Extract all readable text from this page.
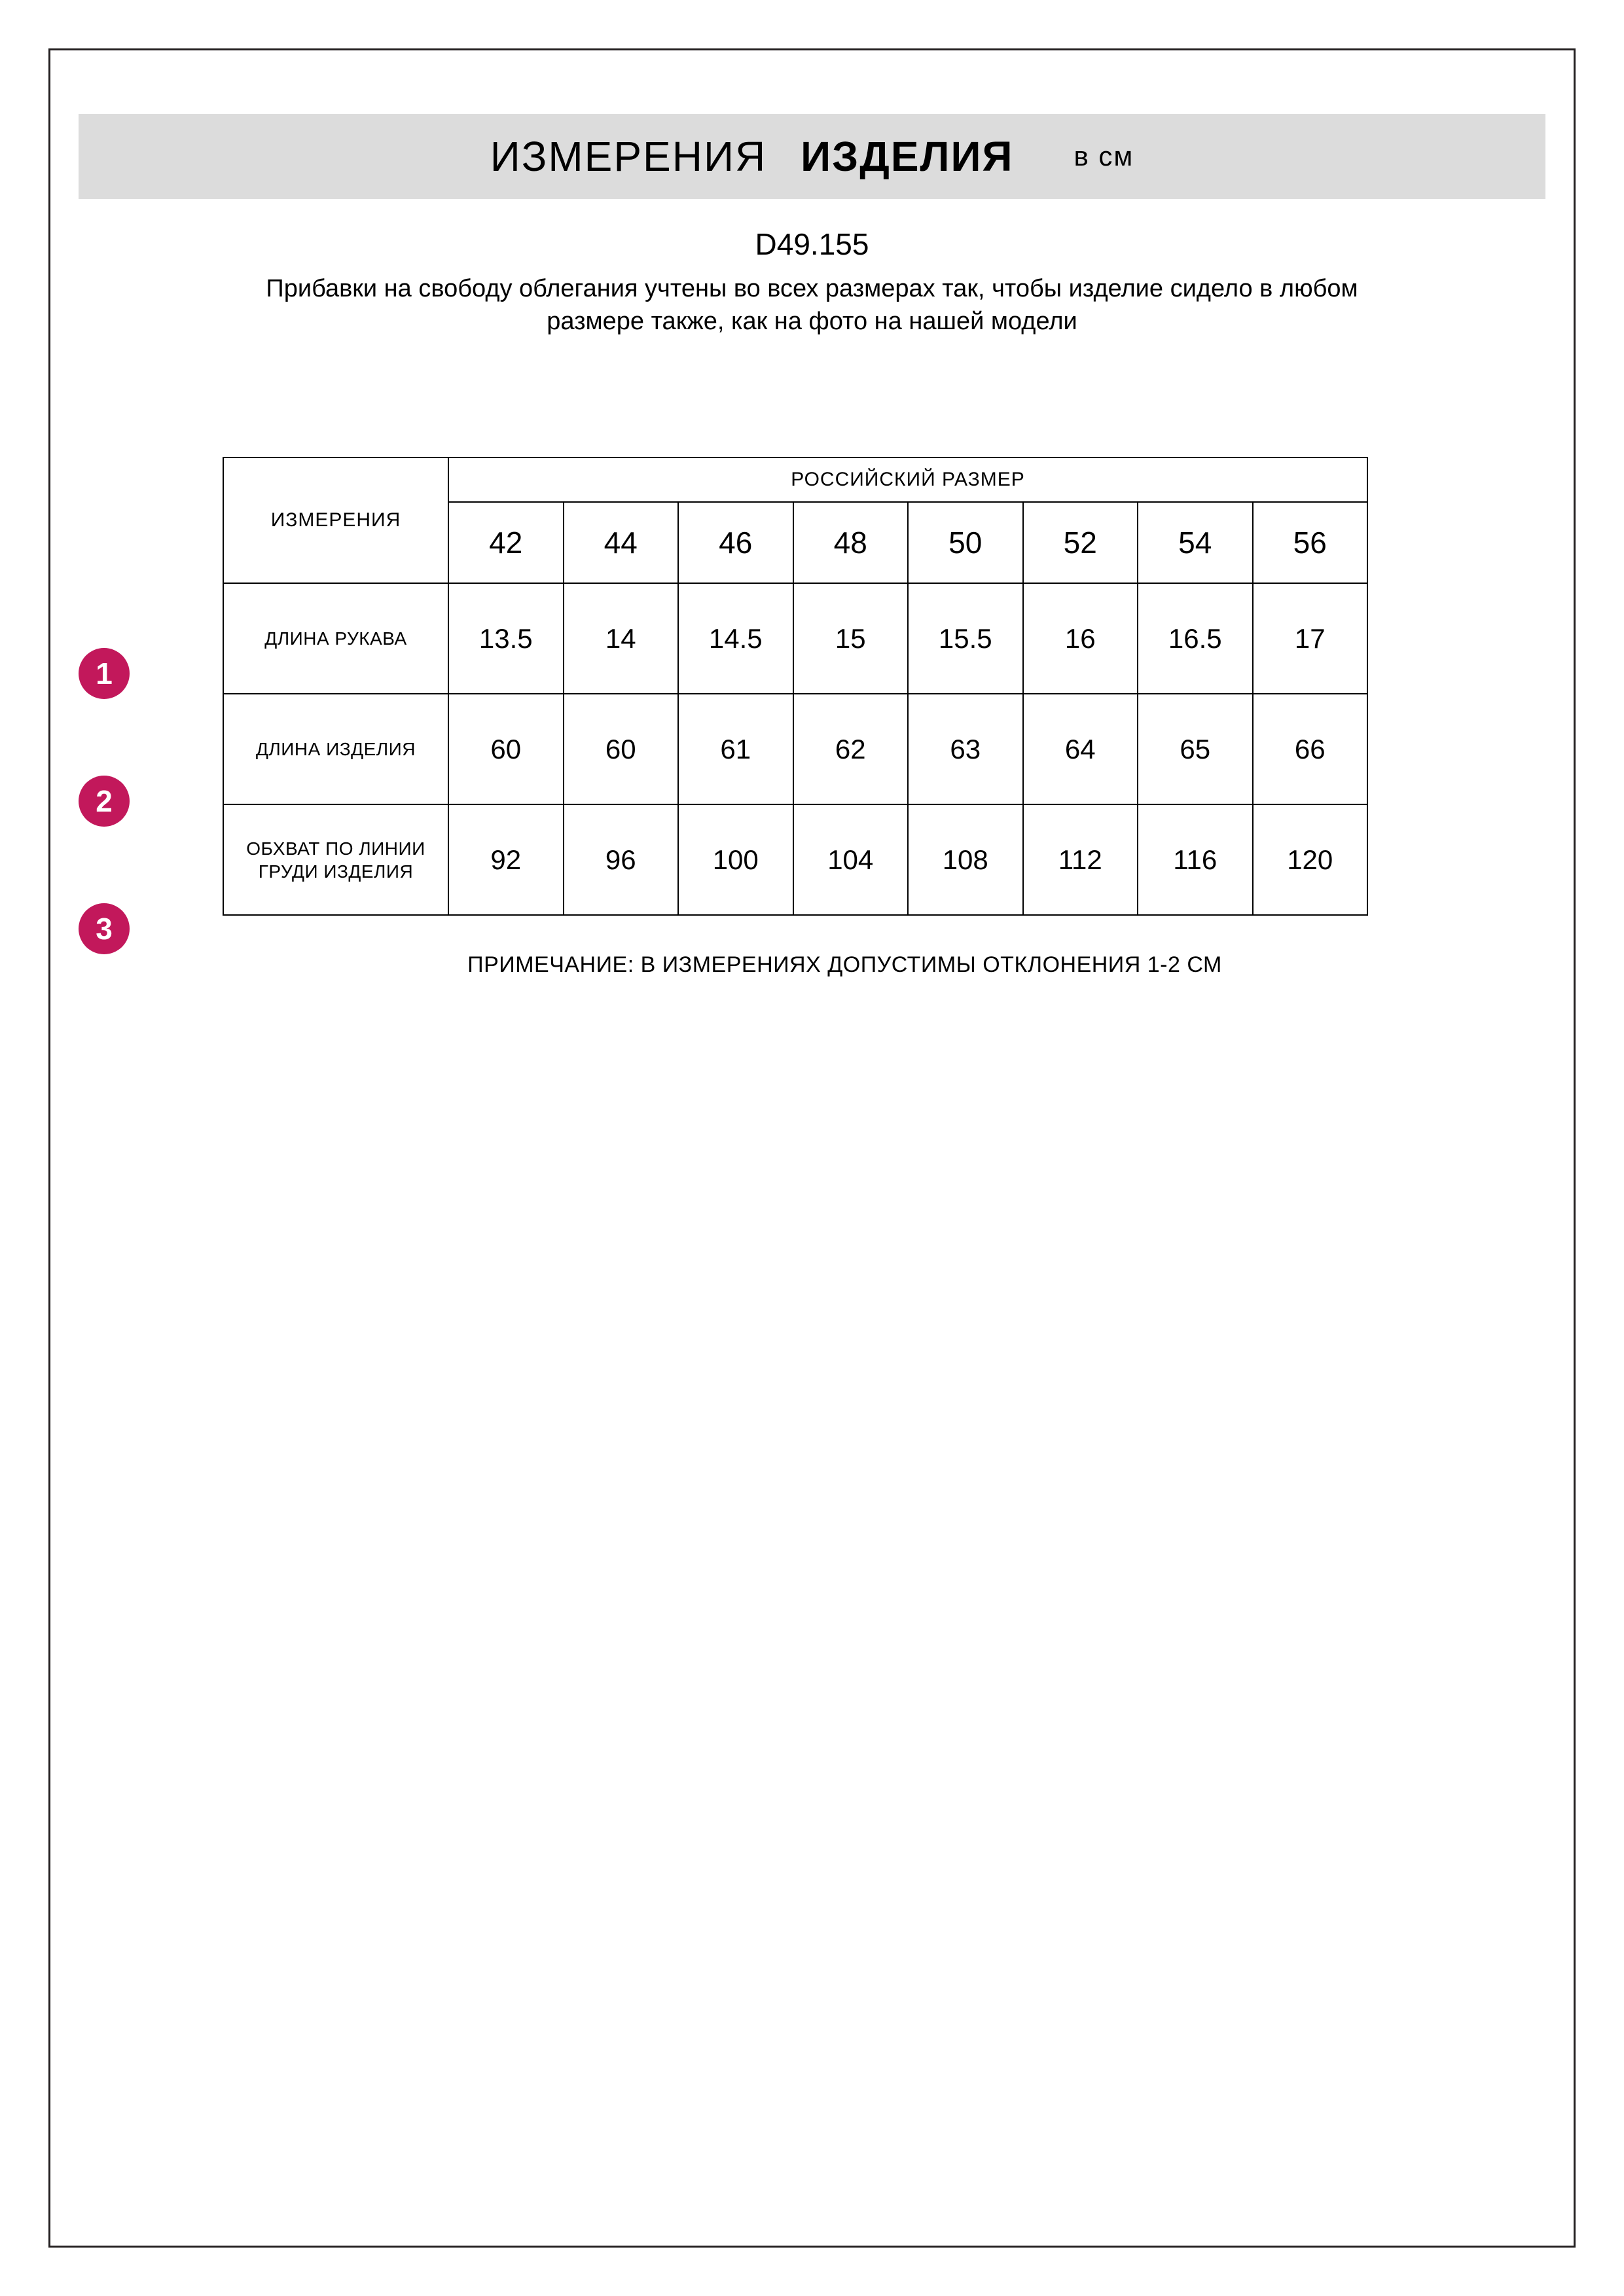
ИЗМЕРЕНИЯ ИЗДЕЛИЯ в см
D49.155
Прибавки на свободу облегания учтены во всех размерах так, чтобы изделие сидело в любом размере также, как на фото на нашей модели
1
2
3
ИЗМЕРЕНИЯ	РОССИЙСКИЙ РАЗМЕР							
	42	44	46	48	50	52	54	56
ДЛИНА РУКАВА	13.5	14	14.5	15	15.5	16	16.5	17
ДЛИНА ИЗДЕЛИЯ	60	60	61	62	63	64	65	66
ОБХВАТ ПО ЛИНИИ ГРУДИ ИЗДЕЛИЯ	92	96	100	104	108	112	116	120
ПРИМЕЧАНИЕ: В ИЗМЕРЕНИЯХ ДОПУСТИМЫ ОТКЛОНЕНИЯ 1-2 СМ
